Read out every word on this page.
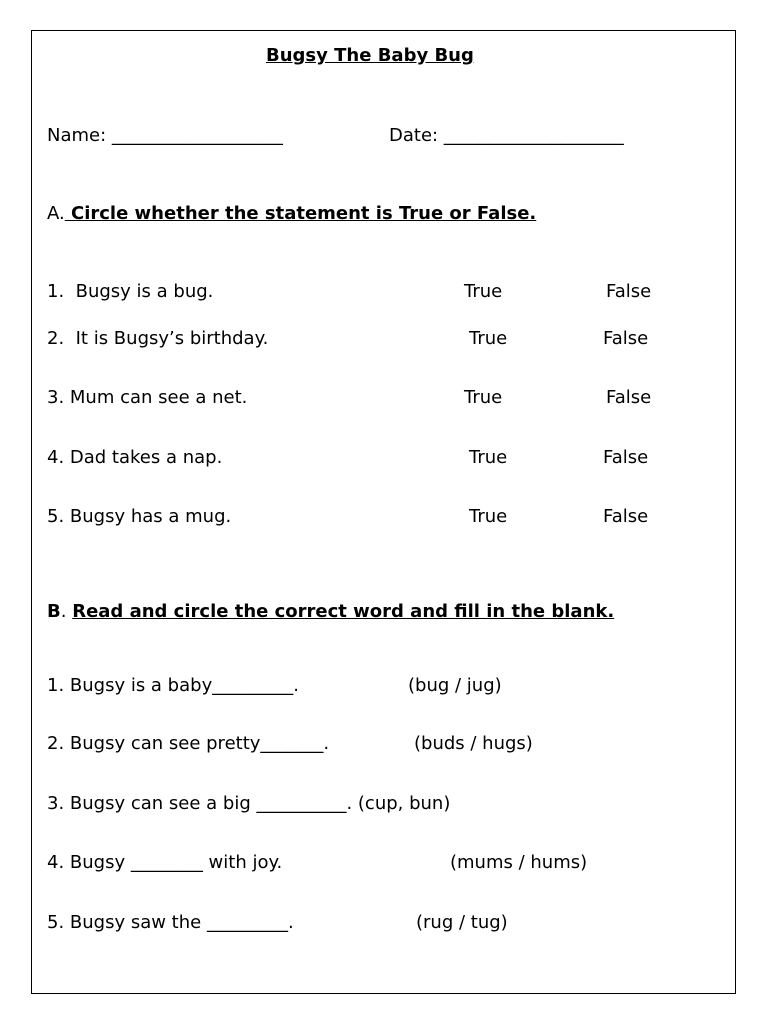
Bugsy The Baby Bug
Name: ___________________	Date: ____________________
A. Circle whether the statement is True or False.
1.  Bugsy is a bug.	True	False
2.  It is Bugsy’s birthday.	True	False
3. Mum can see a net.	True	False
4. Dad takes a nap.	True	False
5. Bugsy has a mug.	True	False
B. Read and circle the correct word and fill in the blank.
1. Bugsy is a baby_________.	(bug / jug)
2. Bugsy can see pretty_______.	(buds / hugs)
3. Bugsy can see a big __________. (cup, bun)
4. Bugsy ________ with joy.	(mums / hums)
5. Bugsy saw the _________.	(rug / tug)
